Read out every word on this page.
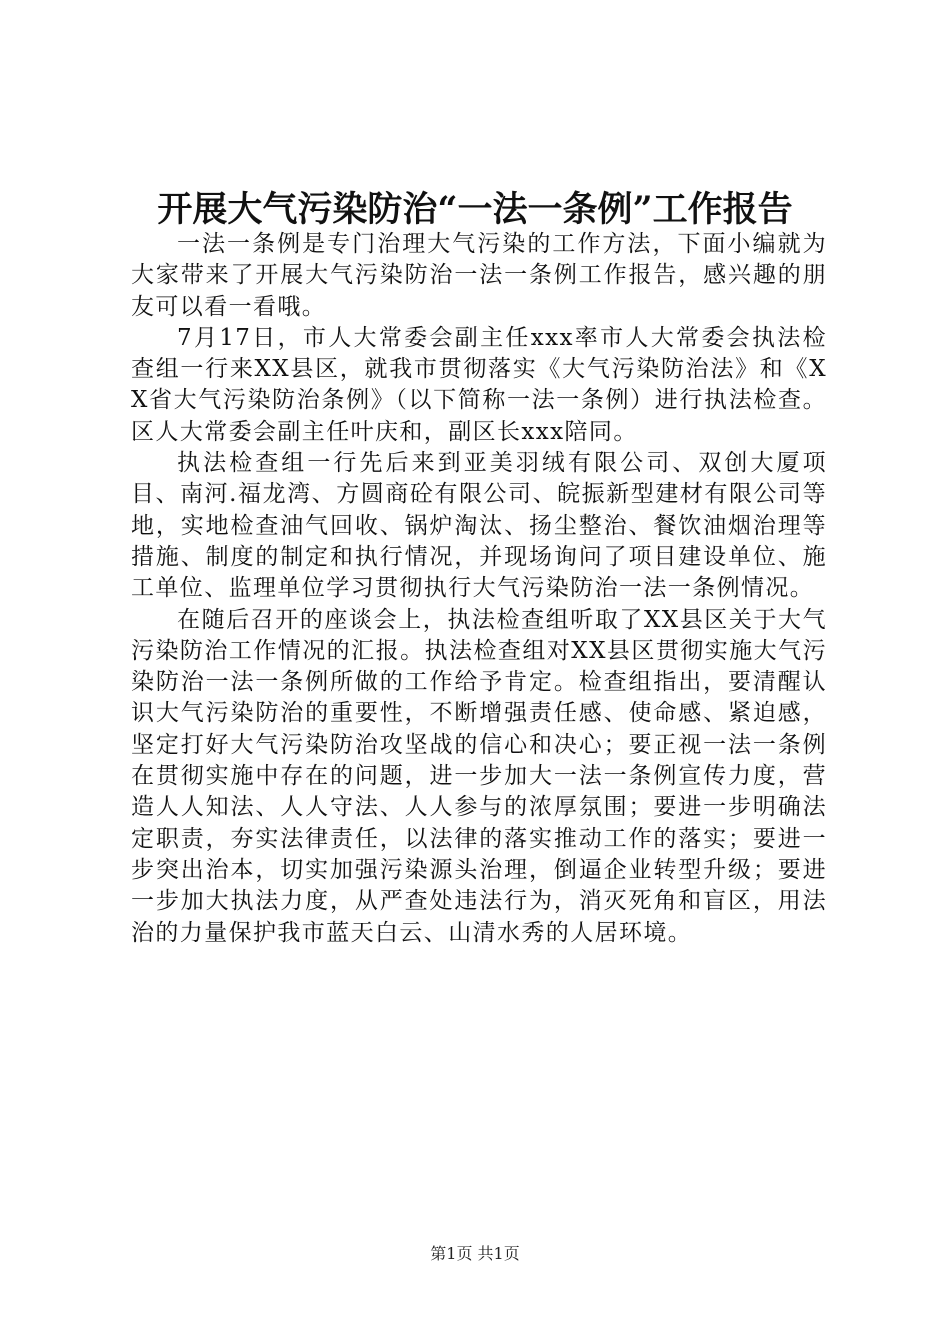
开展大气污染防治“一法一条例”工作报告

一法一条例是专门治理大气污染的工作方法，下面小编就为大家带来了开展大气污染防治一法一条例工作报告，感兴趣的朋友可以看一看哦。

7月17日，市人大常委会副主任xxx率市人大常委会执法检查组一行来XX县区，就我市贯彻落实《大气污染防治法》和《XX省大气污染防治条例》（以下简称一法一条例）进行执法检查。区人大常委会副主任叶庆和，副区长xxx陪同。

执法检查组一行先后来到亚美羽绒有限公司、双创大厦项目、南河.福龙湾、方圆商砼有限公司、皖振新型建材有限公司等地，实地检查油气回收、锅炉淘汰、扬尘整治、餐饮油烟治理等措施、制度的制定和执行情况，并现场询问了项目建设单位、施工单位、监理单位学习贯彻执行大气污染防治一法一条例情况。

在随后召开的座谈会上，执法检查组听取了XX县区关于大气污染防治工作情况的汇报。执法检查组对XX县区贯彻实施大气污染防治一法一条例所做的工作给予肯定。检查组指出，要清醒认识大气污染防治的重要性，不断增强责任感、使命感、紧迫感，坚定打好大气污染防治攻坚战的信心和决心；要正视一法一条例在贯彻实施中存在的问题，进一步加大一法一条例宣传力度，营造人人知法、人人守法、人人参与的浓厚氛围；要进一步明确法定职责，夯实法律责任，以法律的落实推动工作的落实；要进一步突出治本，切实加强污染源头治理，倒逼企业转型升级；要进一步加大执法力度，从严查处违法行为，消灭死角和盲区，用法治的力量保护我市蓝天白云、山清水秀的人居环境。

第1页 共1页
